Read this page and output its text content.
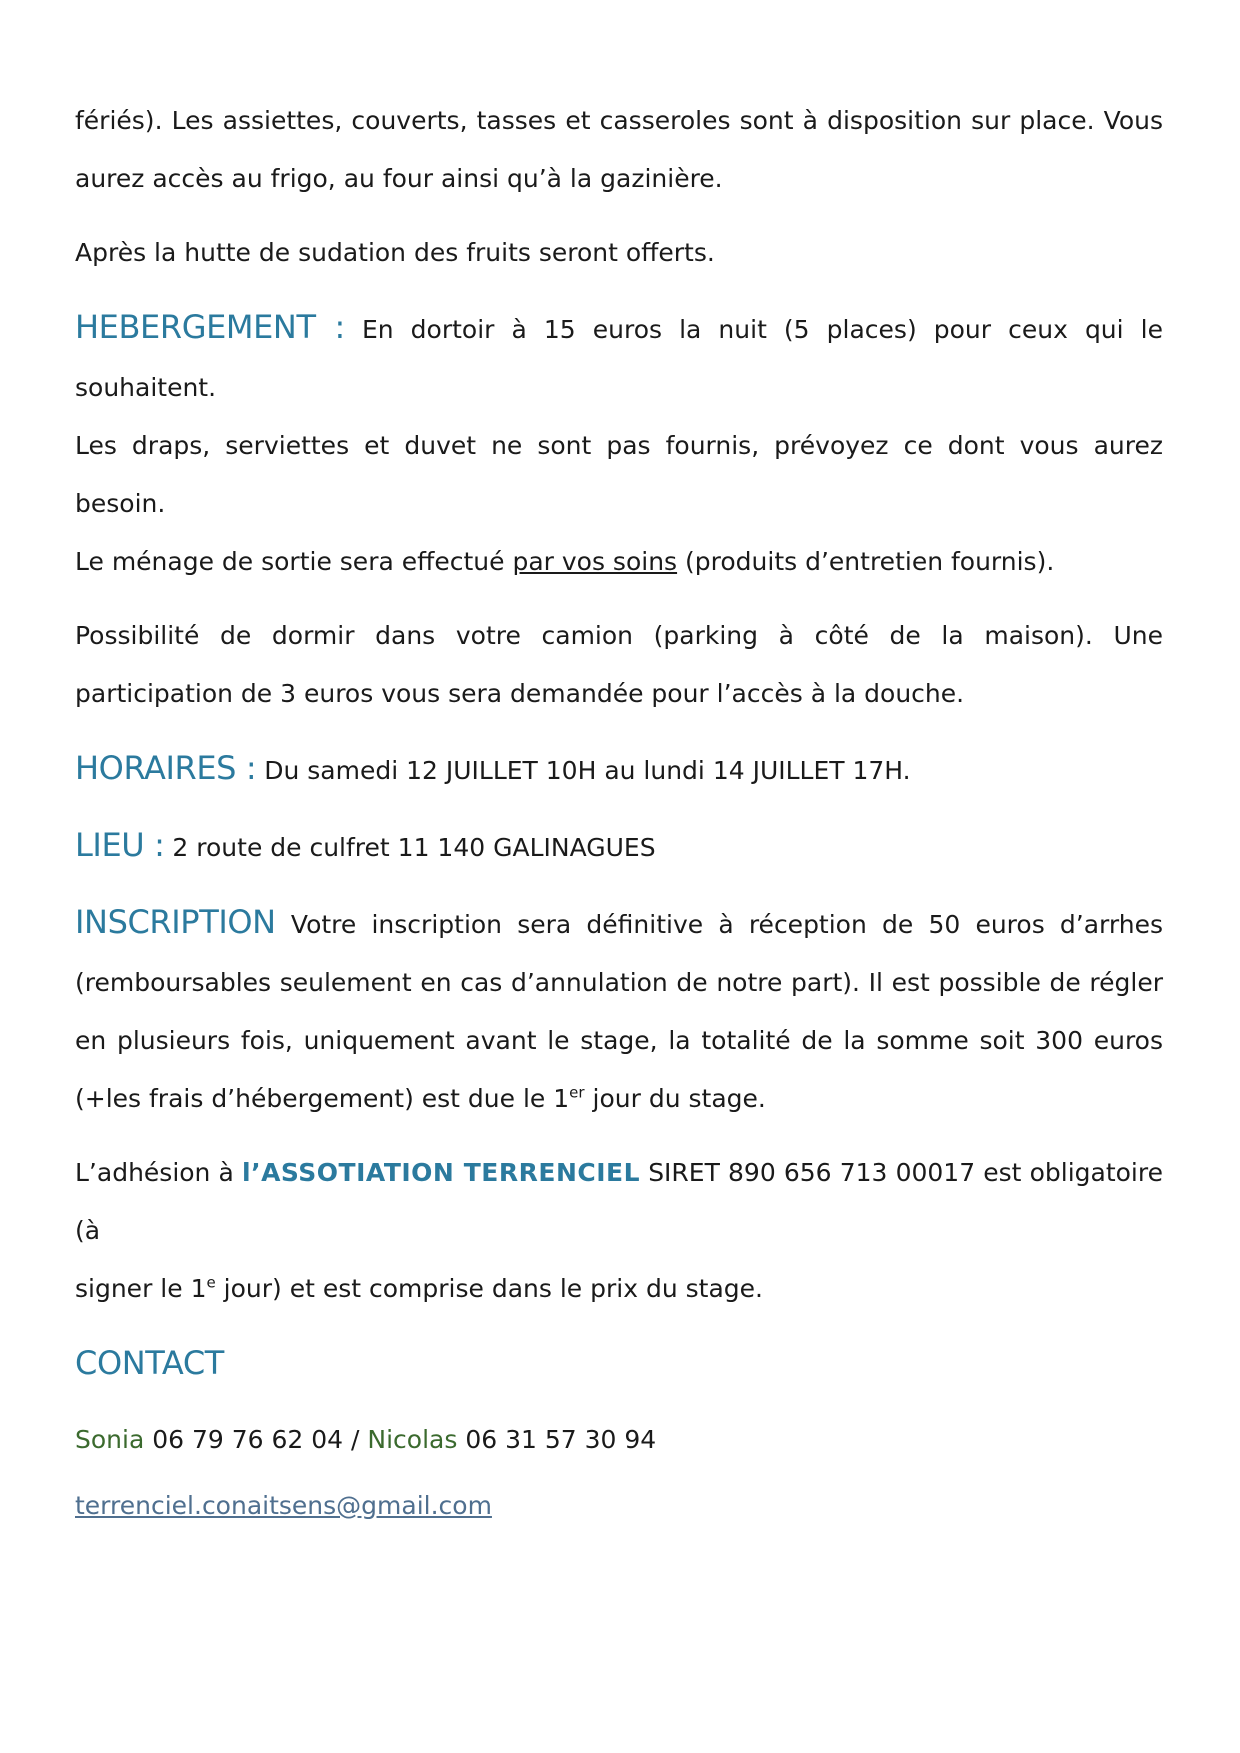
fériés). Les assiettes, couverts, tasses et casseroles sont à disposition sur place. Vous

aurez accès au frigo, au four ainsi qu’à la gazinière.

Après la hutte de sudation des fruits seront offerts.

HEBERGEMENT : En dortoir à 15 euros la nuit (5 places) pour ceux qui le souhaitent.

Les draps, serviettes et duvet ne sont pas fournis, prévoyez ce dont vous aurez besoin.

Le ménage de sortie sera effectué par vos soins (produits d’entretien fournis).

Possibilité de dormir dans votre camion (parking à côté de la maison). Une

participation de 3 euros vous sera demandée pour l’accès à la douche.

HORAIRES : Du samedi 12 JUILLET 10H au lundi 14 JUILLET 17H.

LIEU : 2 route de culfret 11 140 GALINAGUES

INSCRIPTION Votre inscription sera définitive à réception de 50 euros d’arrhes

(remboursables seulement en cas d’annulation de notre part). Il est possible de régler

en plusieurs fois, uniquement avant le stage, la totalité de la somme soit 300 euros

(+les frais d’hébergement) est due le 1er jour du stage.

L’adhésion à l’ASSOTIATION TERRENCIEL SIRET 890 656 713 00017 est obligatoire (à

signer le 1e jour) et est comprise dans le prix du stage.

CONTACT

Sonia 06 79 76 62 04 / Nicolas 06 31 57 30 94

terrenciel.conaitsens@gmail.com
